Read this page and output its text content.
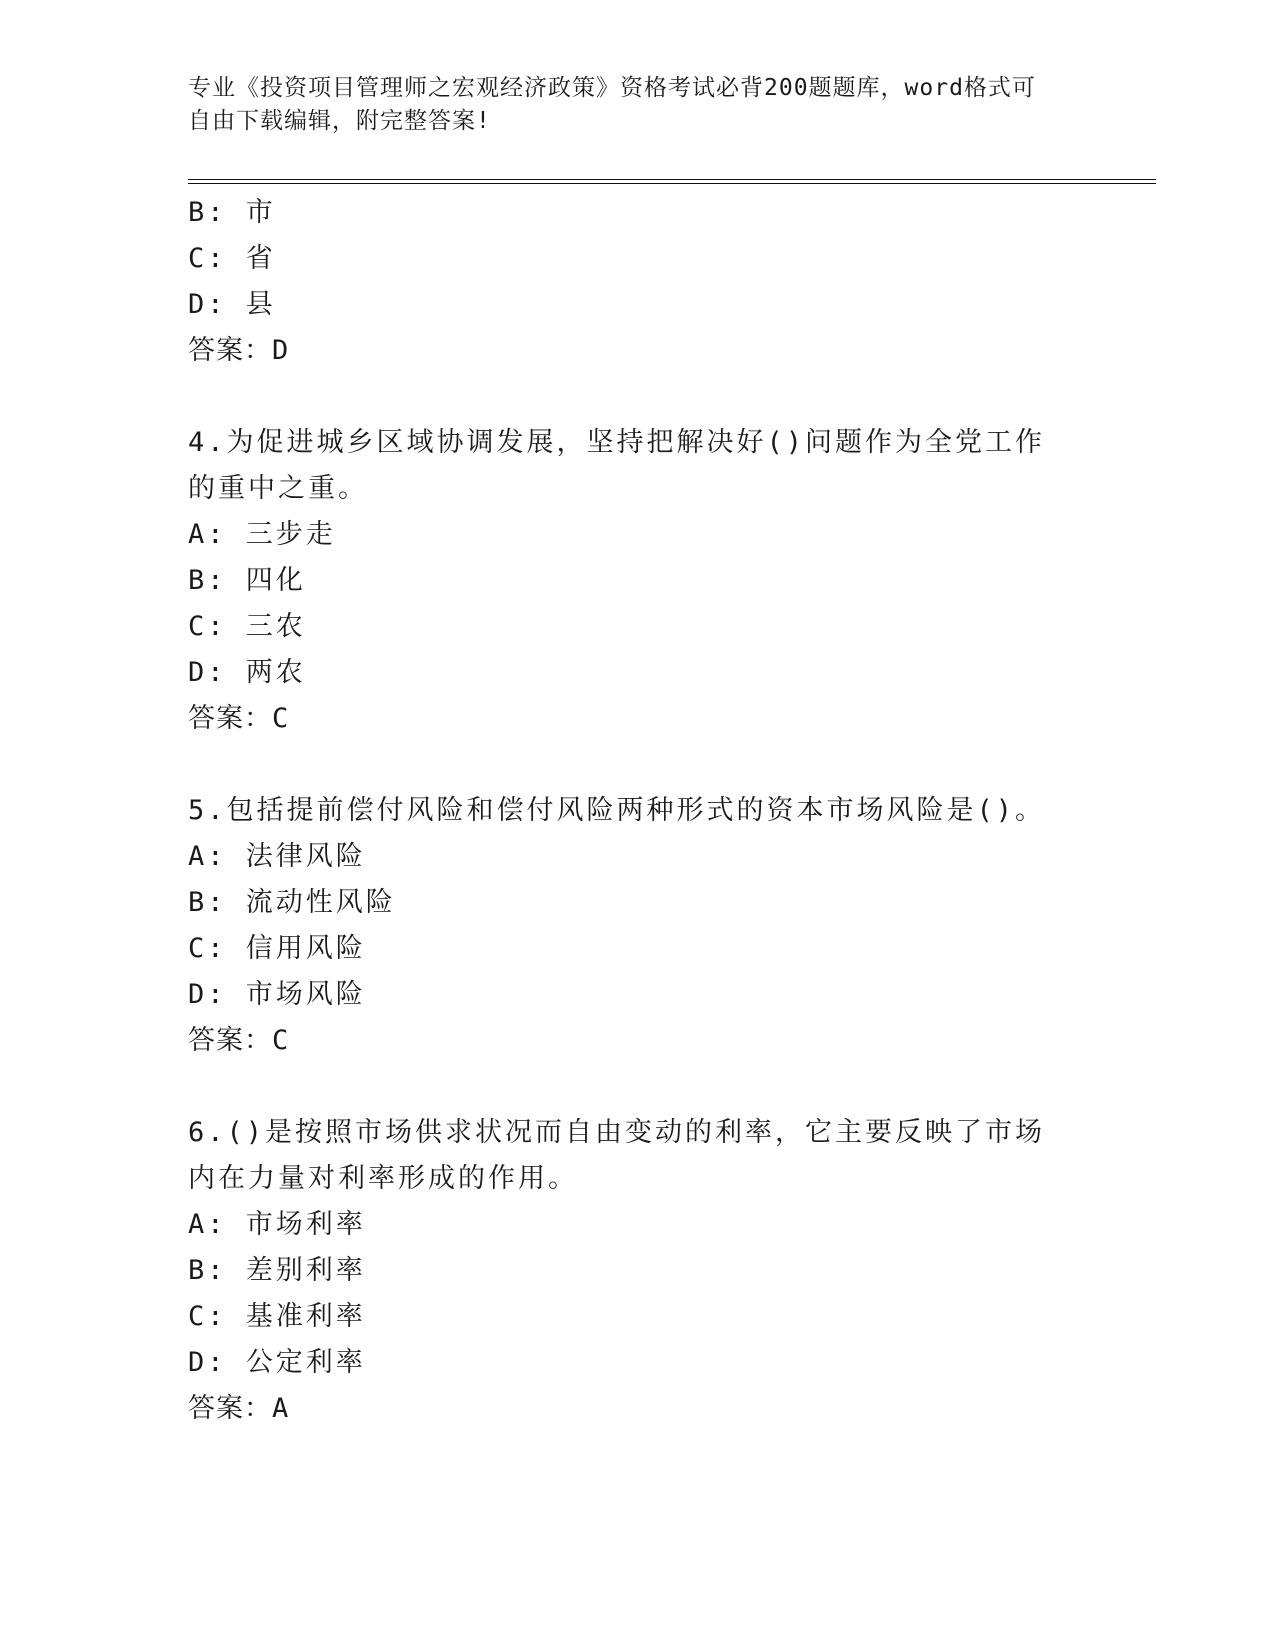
专业《投资项目管理师之宏观经济政策》资格考试必背200题题库，word格式可
自由下载编辑，附完整答案!
B: 市
C: 省
D: 县
答案：D
4.为促进城乡区域协调发展，坚持把解决好()问题作为全党工作的重中之重。
A: 三步走
B: 四化
C: 三农
D: 两农
答案：C
5.包括提前偿付风险和偿付风险两种形式的资本市场风险是()。
A: 法律风险
B: 流动性风险
C: 信用风险
D: 市场风险
答案：C
6.()是按照市场供求状况而自由变动的利率，它主要反映了市场内在力量对利率形成的作用。
A: 市场利率
B: 差别利率
C: 基准利率
D: 公定利率
答案：A
